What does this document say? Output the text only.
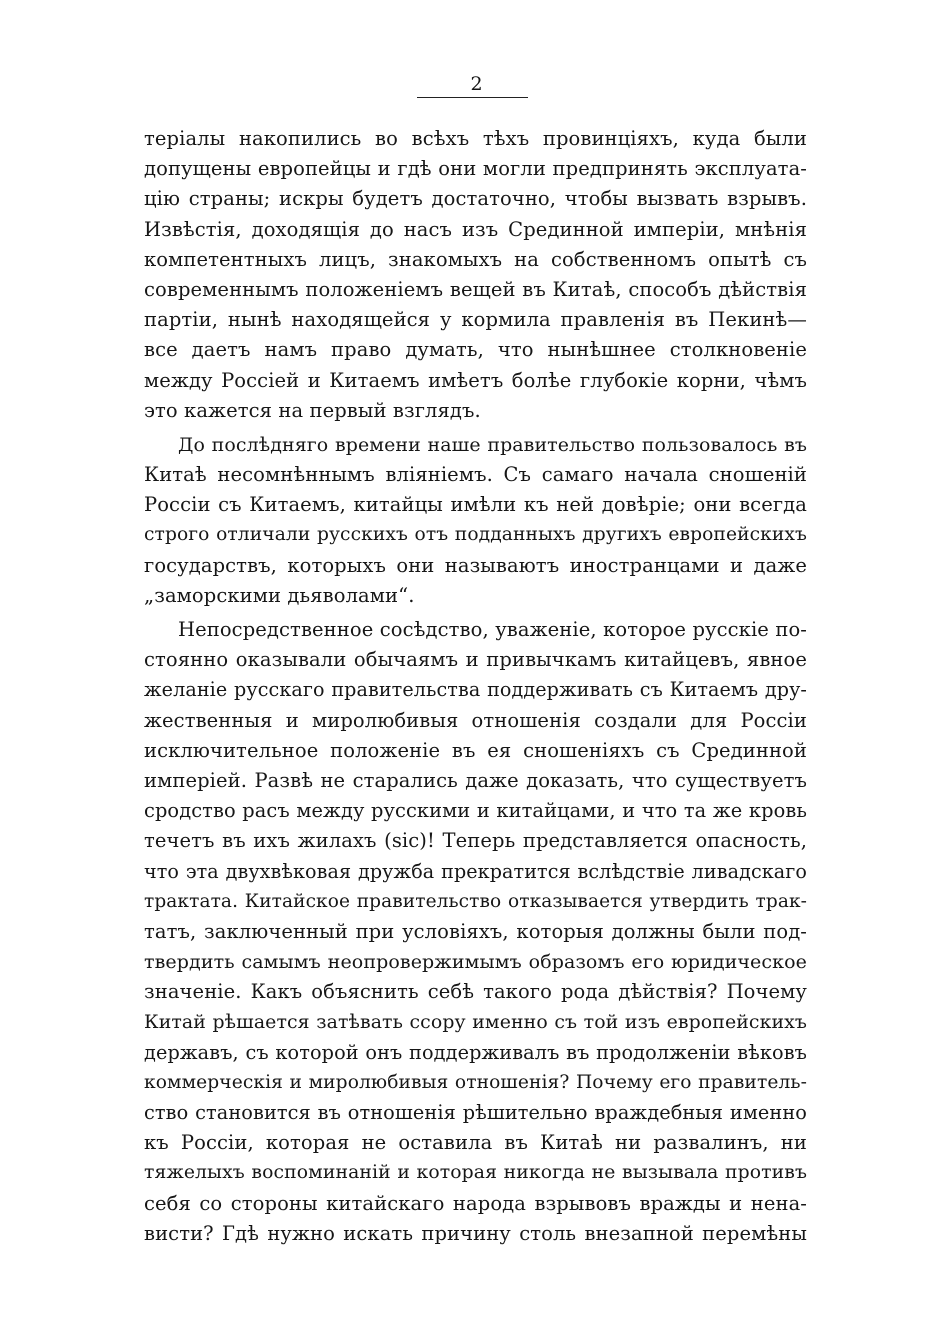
2
теріалы накопились во всѣхъ тѣхъ провинціяхъ, куда были
допущены европейцы и гдѣ они могли предпринять эксплуата-
цію страны; искры будетъ достаточно, чтобы вызвать взрывъ.
Извѣстія, доходящія до насъ изъ Срединной имперіи, мнѣнія
компетентныхъ лицъ, знакомыхъ на собственномъ опытѣ съ
современнымъ положеніемъ вещей въ Китаѣ, способъ дѣйствія
партіи, нынѣ находящейся у кормила правленія въ Пекинѣ—
все даетъ намъ право думать, что нынѣшнее столкновеніе
между Россіей и Китаемъ имѣетъ болѣе глубокіе корни, чѣмъ
это кажется на первый взглядъ.
До послѣдняго времени наше правительство пользовалось въ
Китаѣ несомнѣннымъ вліяніемъ. Съ самаго начала сношеній
Россіи съ Китаемъ, китайцы имѣли къ ней довѣріе; они всегда
строго отличали русскихъ отъ подданныхъ другихъ европейскихъ
государствъ, которыхъ они называютъ иностранцами и даже
„заморскими дьяволами“.
Непосредственное сосѣдство, уваженіе, которое русскіе по-
стоянно оказывали обычаямъ и привычкамъ китайцевъ, явное
желаніе русскаго правительства поддерживать съ Китаемъ дру-
жественныя и миролюбивыя отношенія создали для Россіи
исключительное положеніе въ ея сношеніяхъ съ Срединной
имперіей. Развѣ не старались даже доказать, что существуетъ
сродство расъ между русскими и китайцами, и что та же кровь
течетъ въ ихъ жилахъ (sic)! Теперь представляется опасность,
что эта двухвѣковая дружба прекратится вслѣдствіе ливадскаго
трактата. Китайское правительство отказывается утвердить трак-
татъ, заключенный при условіяхъ, которыя должны были под-
твердить самымъ неопровержимымъ образомъ его юридическое
значеніе. Какъ объяснить себѣ такого рода дѣйствія? Почему
Китай рѣшается затѣвать ссору именно съ той изъ европейскихъ
державъ, съ которой онъ поддерживалъ въ продолженіи вѣковъ
коммерческія и миролюбивыя отношенія? Почему его правитель-
ство становится въ отношенія рѣшительно враждебныя именно
къ Россіи, которая не оставила въ Китаѣ ни развалинъ, ни
тяжелыхъ воспоминаній и которая никогда не вызывала противъ
себя со стороны китайскаго народа взрывовъ вражды и нена-
висти? Гдѣ нужно искать причину столь внезапной перемѣны
